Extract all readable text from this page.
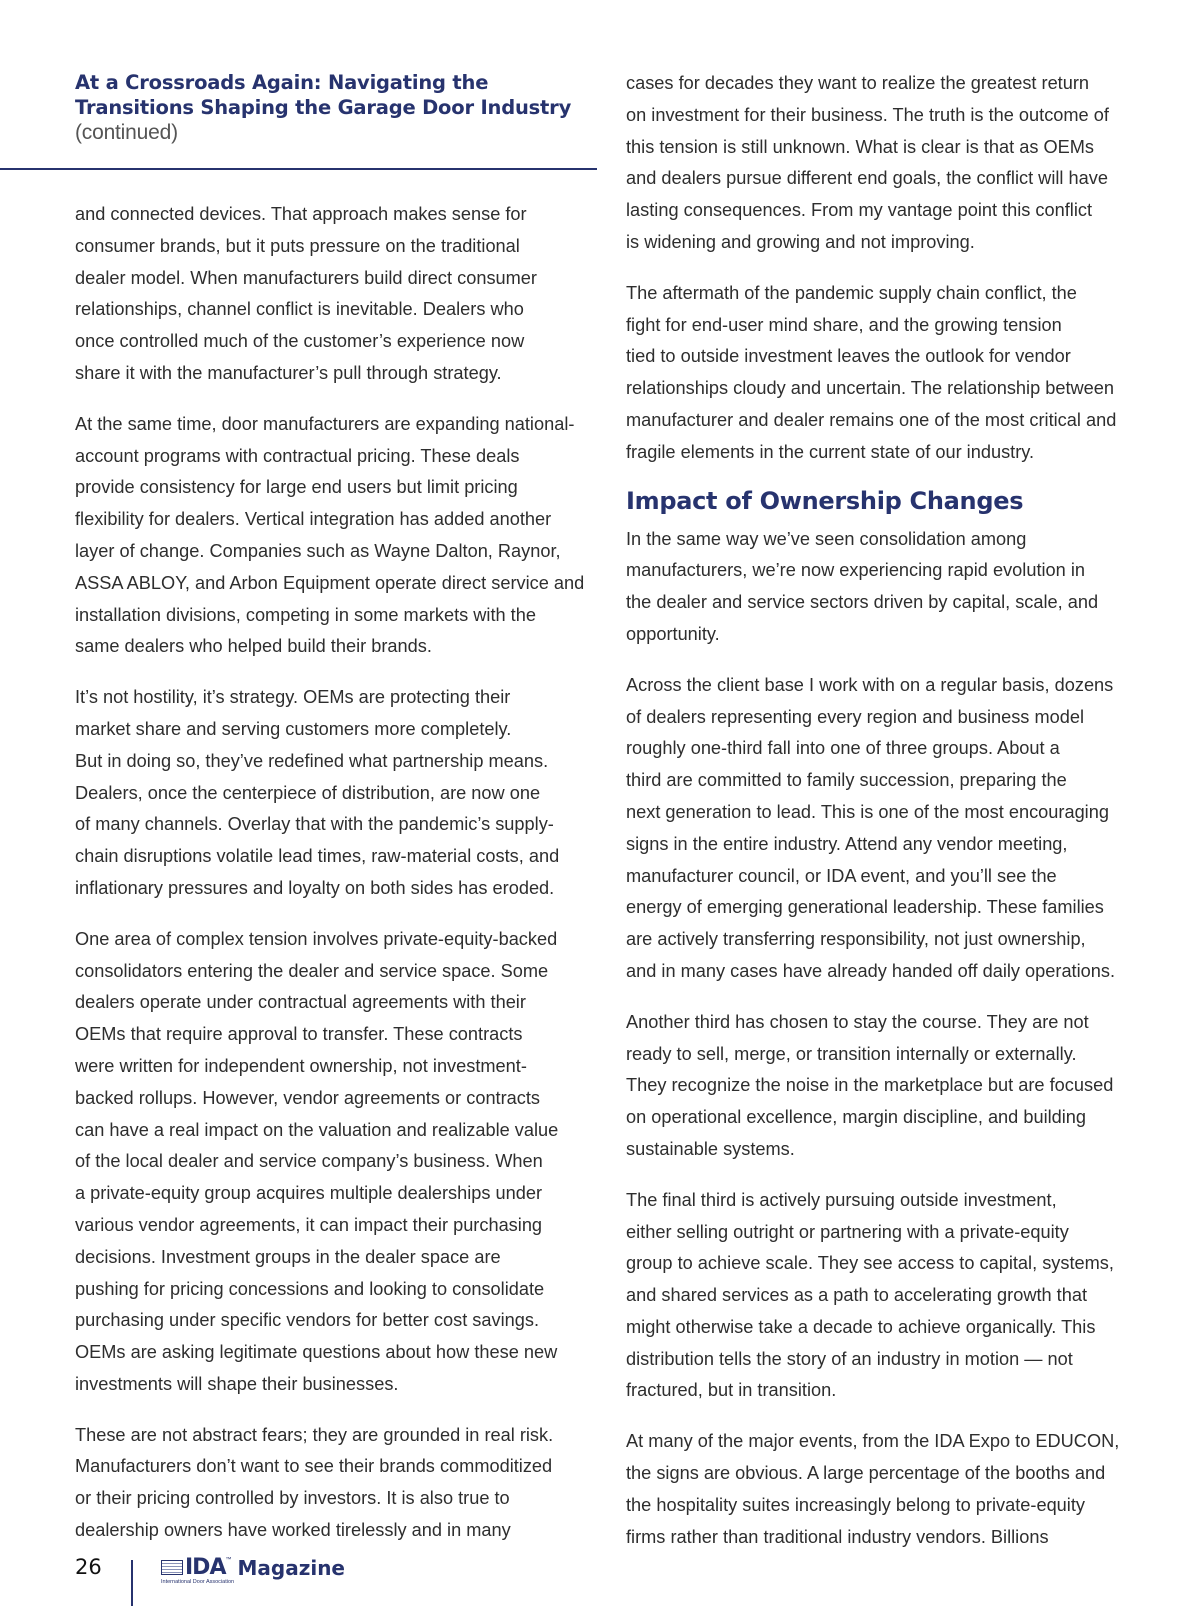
At a Crossroads Again: Navigating the
Transitions Shaping the Garage Door Industry
(continued)
and connected devices. That approach makes sense for
consumer brands, but it puts pressure on the traditional
dealer model. When manufacturers build direct consumer
relationships, channel conflict is inevitable. Dealers who
once controlled much of the customer’s experience now
share it with the manufacturer’s pull through strategy.
At the same time, door manufacturers are expanding national-
account programs with contractual pricing. These deals
provide consistency for large end users but limit pricing
flexibility for dealers. Vertical integration has added another
layer of change. Companies such as Wayne Dalton, Raynor,
ASSA ABLOY, and Arbon Equipment operate direct service and
installation divisions, competing in some markets with the
same dealers who helped build their brands.
It’s not hostility, it’s strategy. OEMs are protecting their
market share and serving customers more completely.
But in doing so, they’ve redefined what partnership means.
Dealers, once the centerpiece of distribution, are now one
of many channels. Overlay that with the pandemic’s supply-
chain disruptions volatile lead times, raw-material costs, and
inflationary pressures and loyalty on both sides has eroded.
One area of complex tension involves private-equity-backed
consolidators entering the dealer and service space. Some
dealers operate under contractual agreements with their
OEMs that require approval to transfer. These contracts
were written for independent ownership, not investment-
backed rollups. However, vendor agreements or contracts
can have a real impact on the valuation and realizable value
of the local dealer and service company’s business. When
a private-equity group acquires multiple dealerships under
various vendor agreements, it can impact their purchasing
decisions. Investment groups in the dealer space are
pushing for pricing concessions and looking to consolidate
purchasing under specific vendors for better cost savings.
OEMs are asking legitimate questions about how these new
investments will shape their businesses.
These are not abstract fears; they are grounded in real risk.
Manufacturers don’t want to see their brands commoditized
or their pricing controlled by investors. It is also true to
dealership owners have worked tirelessly and in many
cases for decades they want to realize the greatest return
on investment for their business. The truth is the outcome of
this tension is still unknown. What is clear is that as OEMs
and dealers pursue different end goals, the conflict will have
lasting consequences. From my vantage point this conflict
is widening and growing and not improving.
The aftermath of the pandemic supply chain conflict, the
fight for end-user mind share, and the growing tension
tied to outside investment leaves the outlook for vendor
relationships cloudy and uncertain. The relationship between
manufacturer and dealer remains one of the most critical and
fragile elements in the current state of our industry.
Impact of Ownership Changes
In the same way we’ve seen consolidation among
manufacturers, we’re now experiencing rapid evolution in
the dealer and service sectors driven by capital, scale, and
opportunity.
Across the client base I work with on a regular basis, dozens
of dealers representing every region and business model
roughly one-third fall into one of three groups. About a
third are committed to family succession, preparing the
next generation to lead. This is one of the most encouraging
signs in the entire industry. Attend any vendor meeting,
manufacturer council, or IDA event, and you’ll see the
energy of emerging generational leadership. These families
are actively transferring responsibility, not just ownership,
and in many cases have already handed off daily operations.
Another third has chosen to stay the course. They are not
ready to sell, merge, or transition internally or externally.
They recognize the noise in the marketplace but are focused
on operational excellence, margin discipline, and building
sustainable systems.
The final third is actively pursuing outside investment,
either selling outright or partnering with a private-equity
group to achieve scale. They see access to capital, systems,
and shared services as a path to accelerating growth that
might otherwise take a decade to achieve organically. This
distribution tells the story of an industry in motion — not
fractured, but in transition.
At many of the major events, from the IDA Expo to EDUCON,
the signs are obvious. A large percentage of the booths and
the hospitality suites increasingly belong to private-equity
firms rather than traditional industry vendors. Billions
26	IDA ™ Magazine
International Door Association
